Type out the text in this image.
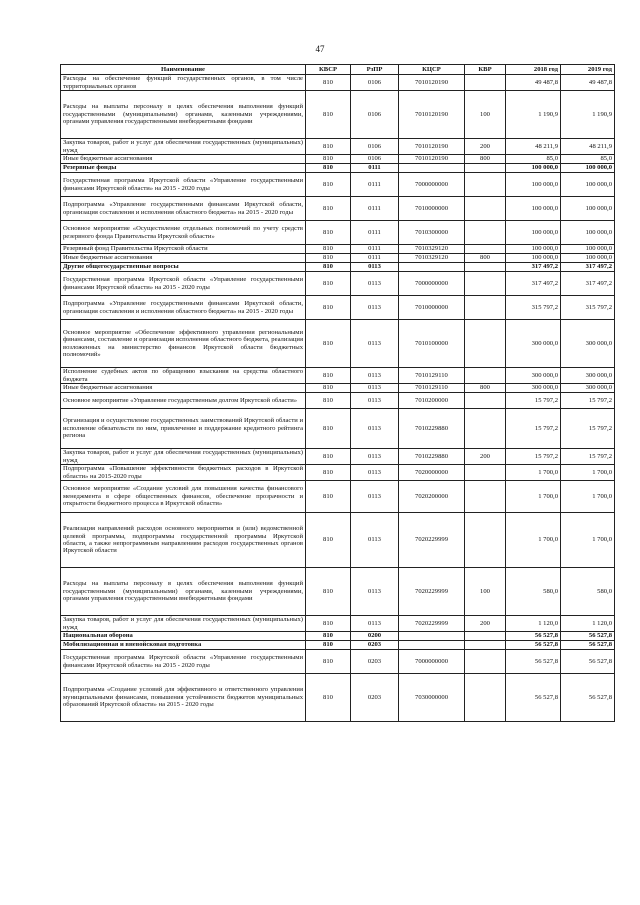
47
Наименование	КВСР	РзПР	КЦСР	КВР	2018 год	2019 год
Расходы на обеспечение функций государственных органов, в том числе территориальных органов	810	0106	7010120190		49 487,8	49 487,8
Расходы на выплаты персоналу в целях обеспечения выполнения функций государственными (муниципальными) органами, казенными учреждениями, органами управления государственными внебюджетными фондами	810	0106	7010120190	100	1 190,9	1 190,9
Закупка товаров, работ и услуг для обеспечения государственных (муниципальных) нужд	810	0106	7010120190	200	48 211,9	48 211,9
Иные бюджетные ассигнования	810	0106	7010120190	800	85,0	85,0
Резервные фонды	810	0111			100 000,0	100 000,0
Государственная программа Иркутской области «Управление государственными финансами Иркутской области» на 2015 - 2020 годы	810	0111	7000000000		100 000,0	100 000,0
Подпрограмма «Управление государственными финансами Иркутской области, организация составления и исполнения областного бюджета» на 2015 - 2020 годы	810	0111	7010000000		100 000,0	100 000,0
Основное мероприятие «Осуществление отдельных полномочий по учету средств резервного фонда Правительства Иркутской области»	810	0111	7010300000		100 000,0	100 000,0
Резервный фонд Правительства Иркутской области	810	0111	7010329120		100 000,0	100 000,0
Иные бюджетные ассигнования	810	0111	7010329120	800	100 000,0	100 000,0
Другие общегосударственные вопросы	810	0113			317 497,2	317 497,2
Государственная программа Иркутской области «Управление государственными финансами Иркутской области» на 2015 - 2020 годы	810	0113	7000000000		317 497,2	317 497,2
Подпрограмма «Управление государственными финансами Иркутской области, организация составления и исполнения областного бюджета» на 2015 - 2020 годы	810	0113	7010000000		315 797,2	315 797,2
Основное мероприятие «Обеспечение эффективного управления региональными финансами, составление и организация исполнения областного бюджета, реализация возложенных на министерство финансов Иркутской области бюджетных полномочий»	810	0113	7010100000		300 000,0	300 000,0
Исполнение судебных актов по обращению взыскания на средства областного бюджета	810	0113	7010129110		300 000,0	300 000,0
Иные бюджетные ассигнования	810	0113	7010129110	800	300 000,0	300 000,0
Основное мероприятие «Управление государственным долгом Иркутской области»	810	0113	7010200000		15 797,2	15 797,2
Организация и осуществление государственных заимствований Иркутской области и исполнение обязательств по ним, привлечение и поддержание кредитного рейтинга региона	810	0113	7010229880		15 797,2	15 797,2
Закупка товаров, работ и услуг для обеспечения государственных (муниципальных) нужд	810	0113	7010229880	200	15 797,2	15 797,2
Подпрограмма «Повышение эффективности бюджетных расходов в Иркутской области» на 2015-2020 годы	810	0113	7020000000		1 700,0	1 700,0
Основное мероприятие «Создание условий для повышения качества финансового менеджмента в сфере общественных финансов, обеспечение прозрачности и открытости бюджетного процесса в Иркутской области»	810	0113	7020200000		1 700,0	1 700,0
Реализация направлений расходов основного мероприятия и (или) ведомственной целевой программы, подпрограммы государственной программы Иркутской области, а также непрограммным направлениям расходов государственных органов Иркутской области	810	0113	7020229999		1 700,0	1 700,0
Расходы на выплаты персоналу в целях обеспечения выполнения функций государственными (муниципальными) органами, казенными учреждениями, органами управления государственными внебюджетными фондами	810	0113	7020229999	100	580,0	580,0
Закупка товаров, работ и услуг для обеспечения государственных (муниципальных) нужд	810	0113	7020229999	200	1 120,0	1 120,0
Национальная оборона	810	0200			56 527,8	56 527,8
Мобилизационная и вневойсковая подготовка	810	0203			56 527,8	56 527,8
Государственная программа Иркутской области «Управление государственными финансами Иркутской области» на 2015 - 2020 годы	810	0203	7000000000		56 527,8	56 527,8
Подпрограмма «Создание условий для эффективного и ответственного управления муниципальными финансами, повышения устойчивости бюджетов муниципальных образований Иркутской области» на 2015 - 2020 годы	810	0203	7030000000		56 527,8	56 527,8
